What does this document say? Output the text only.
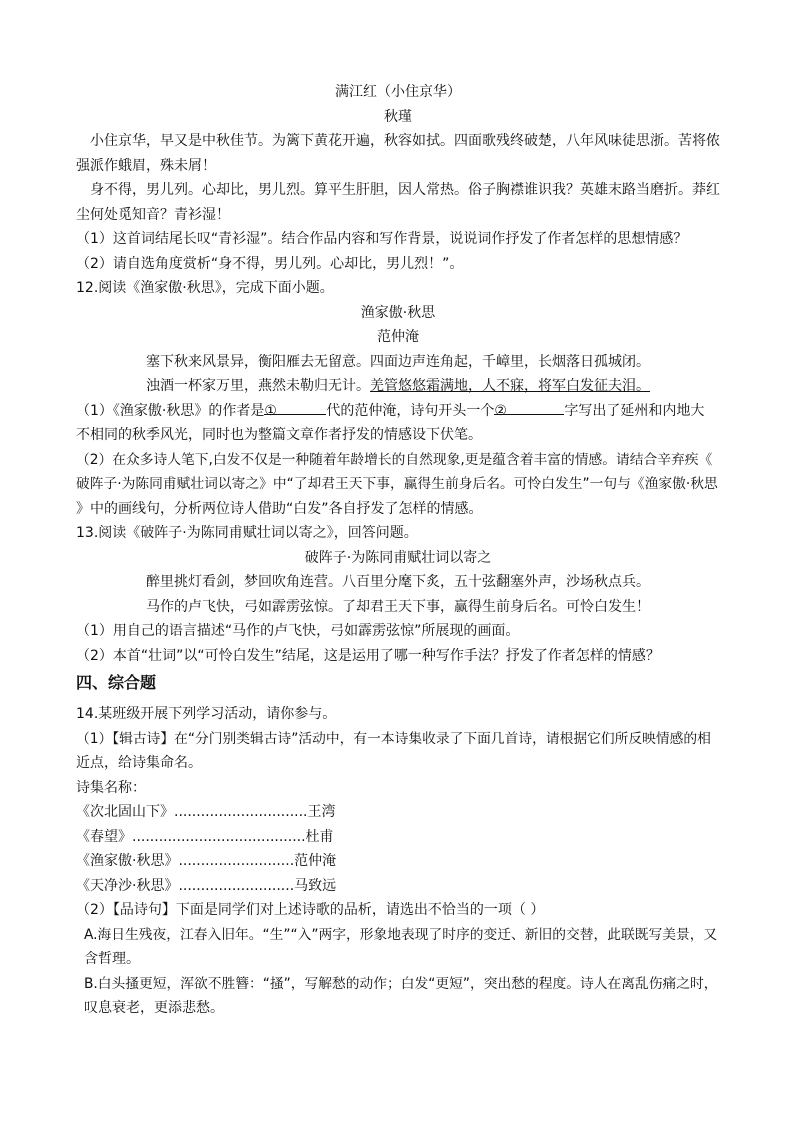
满江红（小住京华）
秋瑾
小住京华，早又是中秋佳节。为篱下黄花开遍，秋容如拭。四面歌残终破楚，八年风味徒思浙。苦将侬
强派作蛾眉，殊未屑！
身不得，男儿列。心却比，男儿烈。算平生肝胆，因人常热。俗子胸襟谁识我？英雄末路当磨折。莽红
尘何处觅知音？青衫湿！
（1）这首词结尾长叹“青衫湿”。结合作品内容和写作背景，说说词作抒发了作者怎样的思想情感？
（2）请自选角度赏析“身不得，男儿列。心却比，男儿烈！”。
12.阅读《渔家傲·秋思》，完成下面小题。
渔家傲·秋思
范仲淹
塞下秋来风景异，衡阳雁去无留意。四面边声连角起，千嶂里，长烟落日孤城闭。
浊酒一杯家万里，燕然未勒归无计。羌管悠悠霜满地，人不寐，将军白发征夫泪。
（1）《渔家傲·秋思》的作者是①	代的范仲淹，诗句开头一个②	字写出了延州和内地大
不相同的秋季风光，同时也为整篇文章作者抒发的情感设下伏笔。
（2）在众多诗人笔下,白发不仅是一种随着年龄增长的自然现象,更是蕴含着丰富的情感。请结合辛弃疾《
破阵子·为陈同甫赋壮词以寄之》中“了却君王天下事，赢得生前身后名。可怜白发生”一句与《渔家傲·秋思
》中的画线句，分析两位诗人借助“白发”各自抒发了怎样的情感。
13.阅读《破阵子·为陈同甫赋壮词以寄之》，回答问题。
破阵子·为陈同甫赋壮词以寄之
醉里挑灯看剑，梦回吹角连营。八百里分麾下炙，五十弦翻塞外声，沙场秋点兵。
马作的卢飞快，弓如霹雳弦惊。了却君王天下事，赢得生前身后名。可怜白发生！
（1）用自己的语言描述“马作的卢飞快，弓如霹雳弦惊”所展现的画面。
（2）本首“壮词”以“可怜白发生”结尾，这是运用了哪一种写作手法？抒发了作者怎样的情感？
四、综合题
14.某班级开展下列学习活动，请你参与。
（1）【辑古诗】在“分门别类辑古诗”活动中，有一本诗集收录了下面几首诗，请根据它们所反映情感的相
近点，给诗集命名。
诗集名称：
《次北固山下》..............................王湾
《春望》.......................................杜甫
《渔家傲·秋思》..........................范仲淹
《天净沙·秋思》..........................马致远
（2）【品诗句】下面是同学们对上述诗歌的品析，请选出不恰当的一项（ ）
A.海日生残夜，江春入旧年。“生”“入”两字，形象地表现了时序的变迁、新旧的交替，此联既写美景，又
含哲理。
B.白头搔更短，浑欲不胜簪：“搔”，写解愁的动作；白发“更短”，突出愁的程度。诗人在离乱伤痛之时，
叹息衰老，更添悲愁。
